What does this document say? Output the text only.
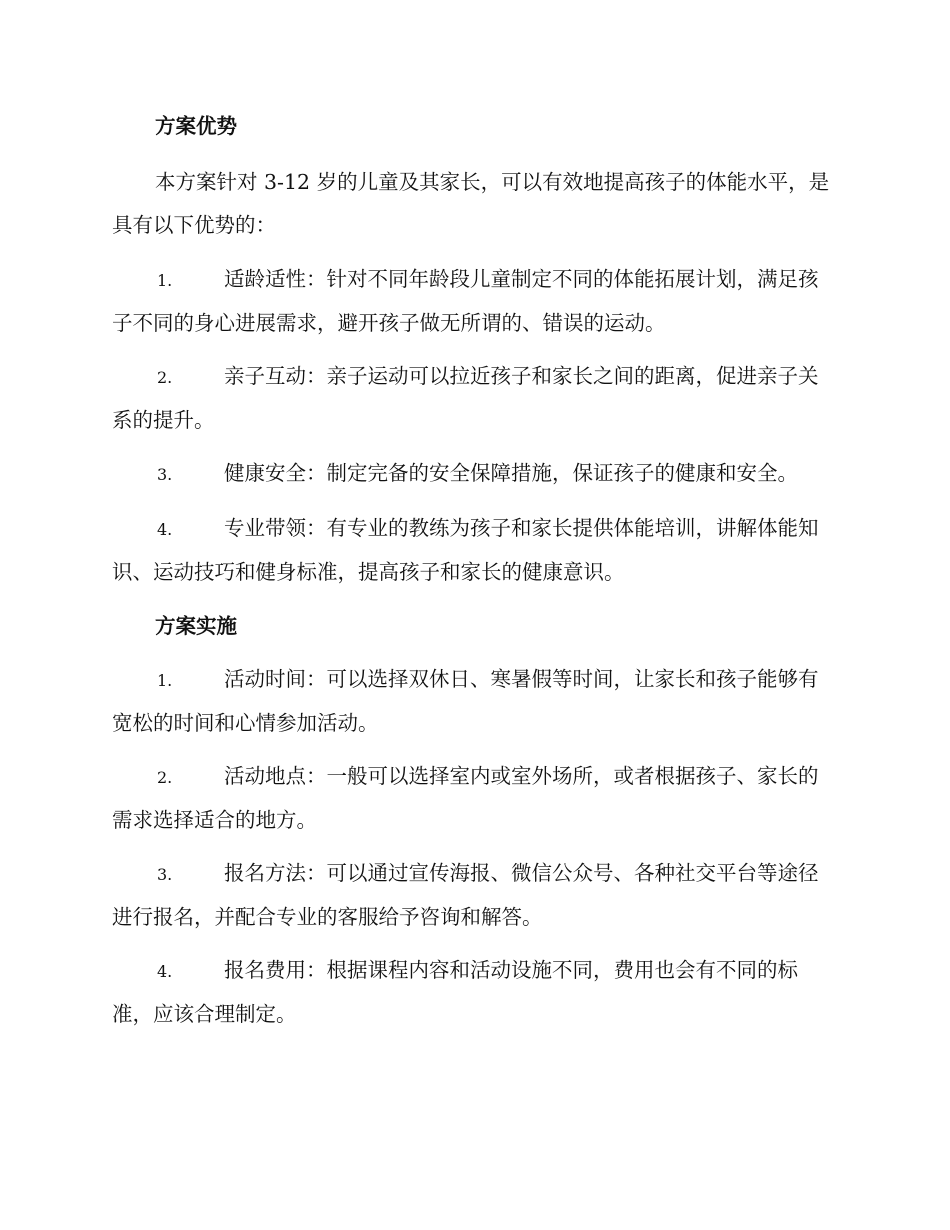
方案优势
本方案针对 3-12 岁的儿童及其家长，可以有效地提高孩子的体能水平，是具有以下优势的：
1.	适龄适性：针对不同年龄段儿童制定不同的体能拓展计划，满足孩子不同的身心进展需求，避开孩子做无所谓的、错误的运动。
2.	亲子互动：亲子运动可以拉近孩子和家长之间的距离，促进亲子关系的提升。
3.	健康安全：制定完备的安全保障措施，保证孩子的健康和安全。
4.	专业带领：有专业的教练为孩子和家长提供体能培训，讲解体能知识、运动技巧和健身标准，提高孩子和家长的健康意识。
方案实施
1.	活动时间：可以选择双休日、寒暑假等时间，让家长和孩子能够有宽松的时间和心情参加活动。
2.	活动地点：一般可以选择室内或室外场所，或者根据孩子、家长的需求选择适合的地方。
3.	报名方法：可以通过宣传海报、微信公众号、各种社交平台等途径进行报名，并配合专业的客服给予咨询和解答。
4.	报名费用：根据课程内容和活动设施不同，费用也会有不同的标准，应该合理制定。
